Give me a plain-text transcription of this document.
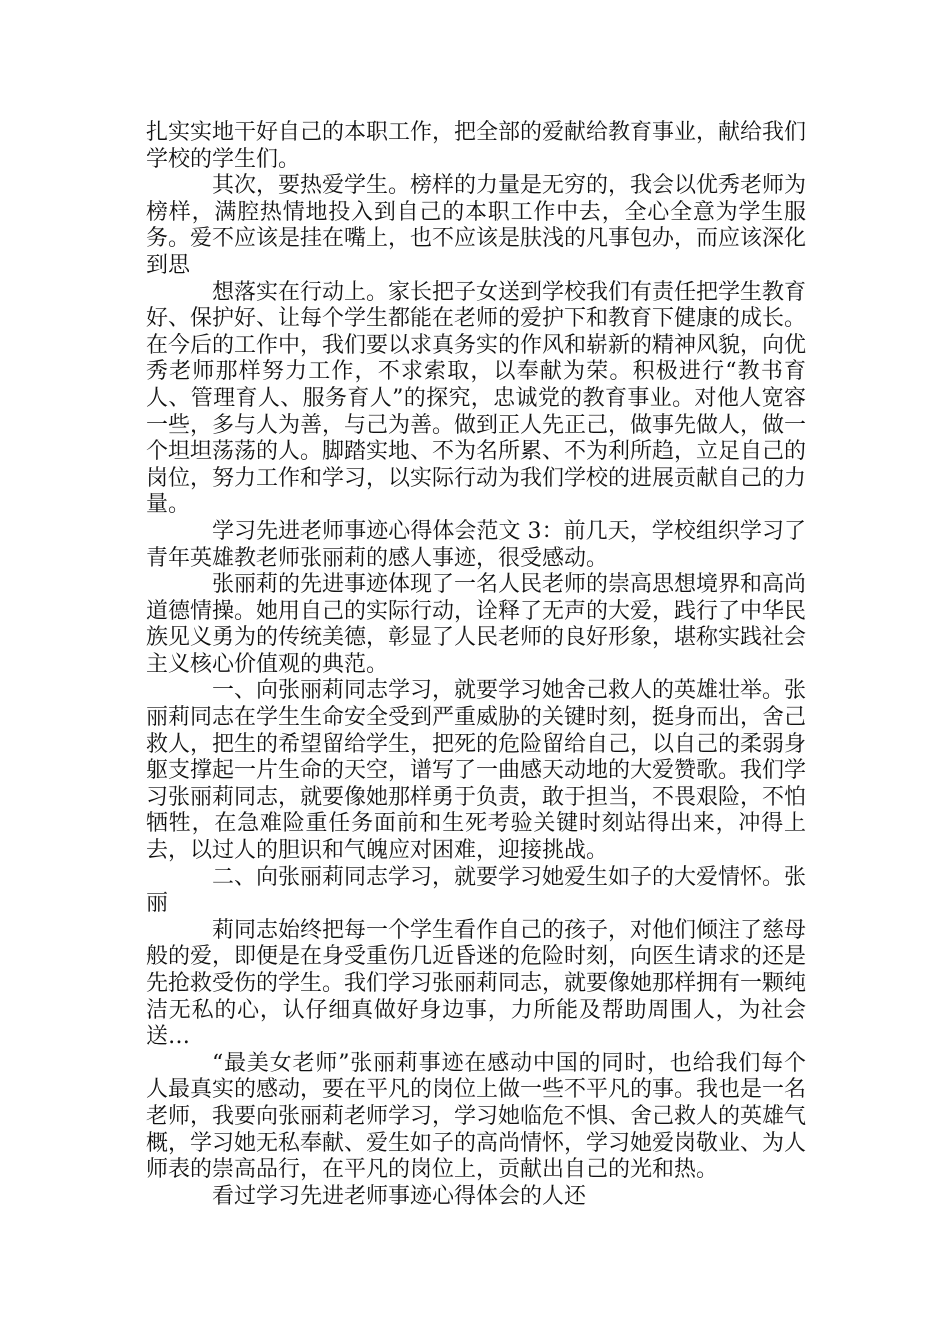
扎实实地干好自己的本职工作，把全部的爱献给教育事业，献给我们学校的学生们。

其次，要热爱学生。榜样的力量是无穷的，我会以优秀老师为榜样，满腔热情地投入到自己的本职工作中去，全心全意为学生服务。爱不应该是挂在嘴上，也不应该是肤浅的凡事包办，而应该深化到思

想落实在行动上。家长把子女送到学校我们有责任把学生教育好、保护好、让每个学生都能在老师的爱护下和教育下健康的成长。在今后的工作中，我们要以求真务实的作风和崭新的精神风貌，向优秀老师那样努力工作，不求索取，以奉献为荣。积极进行“教书育人、管理育人、服务育人”的探究，忠诚党的教育事业。对他人宽容一些，多与人为善，与己为善。做到正人先正己，做事先做人，做一个坦坦荡荡的人。脚踏实地、不为名所累、不为利所趋，立足自己的岗位，努力工作和学习，以实际行动为我们学校的进展贡献自己的力量。

学习先进老师事迹心得体会范文 3：前几天，学校组织学习了青年英雄教老师张丽莉的感人事迹，很受感动。

张丽莉的先进事迹体现了一名人民老师的崇高思想境界和高尚道德情操。她用自己的实际行动，诠释了无声的大爱，践行了中华民族见义勇为的传统美德，彰显了人民老师的良好形象，堪称实践社会主义核心价值观的典范。

一、向张丽莉同志学习，就要学习她舍己救人的英雄壮举。张丽莉同志在学生生命安全受到严重威胁的关键时刻，挺身而出，舍己救人，把生的希望留给学生，把死的危险留给自己，以自己的柔弱身躯支撑起一片生命的天空，谱写了一曲感天动地的大爱赞歌。我们学习张丽莉同志，就要像她那样勇于负责，敢于担当，不畏艰险，不怕牺牲，在急难险重任务面前和生死考验关键时刻站得出来，冲得上去，以过人的胆识和气魄应对困难，迎接挑战。

二、向张丽莉同志学习，就要学习她爱生如子的大爱情怀。张丽

莉同志始终把每一个学生看作自己的孩子，对他们倾注了慈母般的爱，即便是在身受重伤几近昏迷的危险时刻，向医生请求的还是先抢救受伤的学生。我们学习张丽莉同志，就要像她那样拥有一颗纯洁无私的心，认仔细真做好身边事，力所能及帮助周围人，为社会送…

“最美女老师”张丽莉事迹在感动中国的同时，也给我们每个人最真实的感动，要在平凡的岗位上做一些不平凡的事。我也是一名老师，我要向张丽莉老师学习，学习她临危不惧、舍己救人的英雄气概，学习她无私奉献、爱生如子的高尚情怀，学习她爱岗敬业、为人师表的崇高品行，在平凡的岗位上，贡献出自己的光和热。

看过学习先进老师事迹心得体会的人还
